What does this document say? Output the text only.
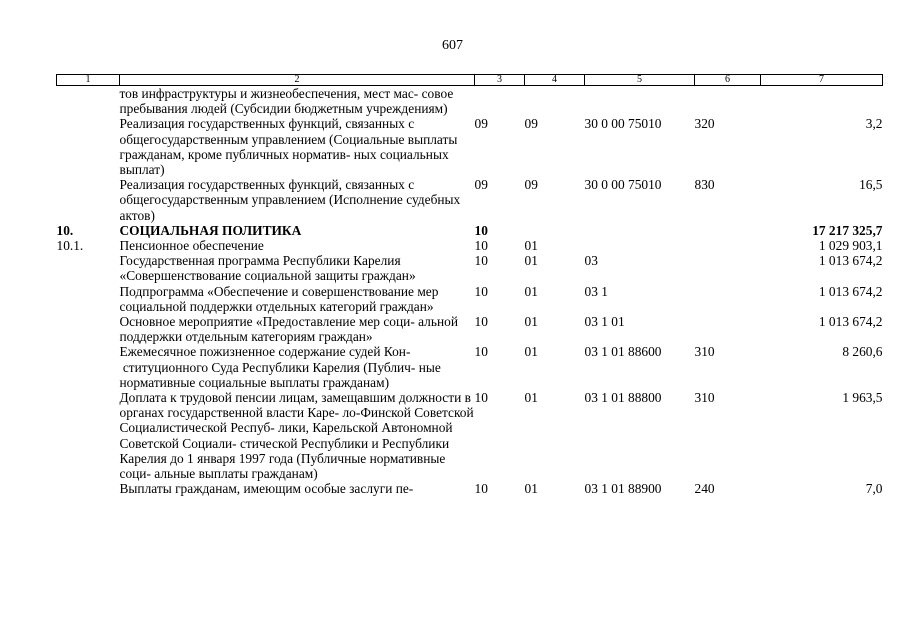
607
1	2	3	4	5	6	7
	тов инфраструктуры и жизнеобеспечения, мест мас- совое пребывания людей (Субсидии бюджетным учреждениям)					
	Реализация государственных функций, связанных с общегосударственным управлением (Социальные выплаты гражданам, кроме публичных норматив- ных социальных выплат)	09	09	30 0 00 75010	320	3,2
	Реализация государственных функций, связанных с общегосударственным управлением (Исполнение судебных актов)	09	09	30 0 00 75010	830	16,5
10.	СОЦИАЛЬНАЯ ПОЛИТИКА	10				17 217 325,7
10.1.	Пенсионное обеспечение	10	01			1 029 903,1
	Государственная программа Республики Карелия «Совершенствование социальной защиты граждан»	10	01	03		1 013 674,2
	Подпрограмма «Обеспечение и совершенствование мер социальной поддержки отдельных категорий граждан»	10	01	03 1		1 013 674,2
	Основное мероприятие «Предоставление мер соци- альной поддержки отдельным категориям граждан»	10	01	03 1 01		1 013 674,2
	Ежемесячное пожизненное содержание судей Кон- ституционного Суда Республики Карелия (Публич- ные нормативные социальные выплаты гражданам)	10	01	03 1 01 88600	310	8 260,6
	Доплата к трудовой пенсии лицам, замещавшим должности в органах государственной власти Каре- ло-Финской Советской Социалистической Респуб- лики, Карельской Автономной Советской Социали- стической Республики и Республики Карелия до 1 января 1997 года (Публичные нормативные соци- альные выплаты гражданам)	10	01	03 1 01 88800	310	1 963,5
	Выплаты гражданам, имеющим особые заслуги пе-	10	01	03 1 01 88900	240	7,0
